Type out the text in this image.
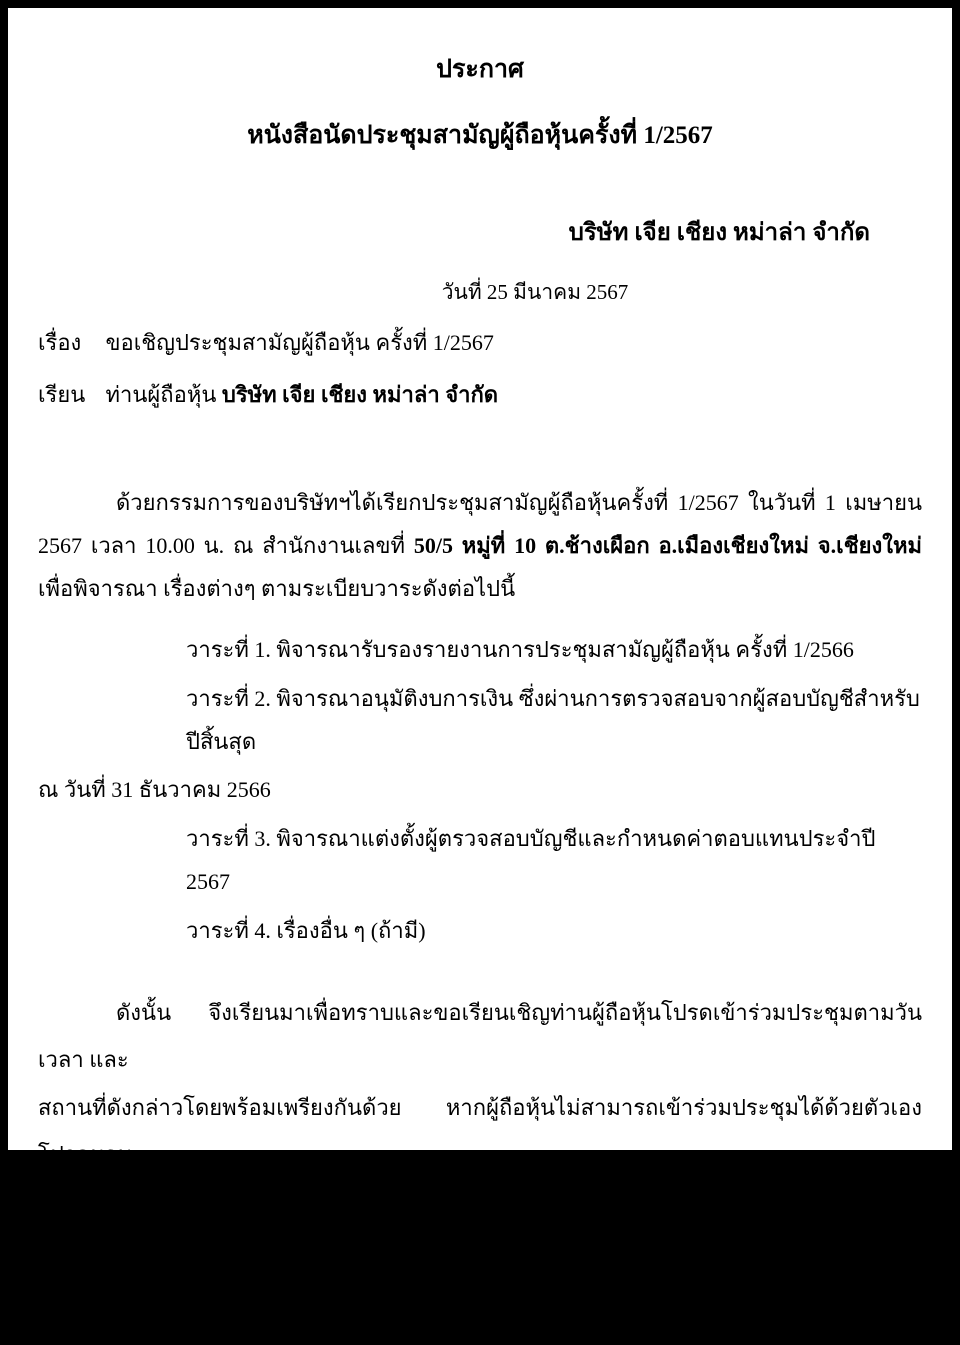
ประกาศ
หนังสือนัดประชุมสามัญผู้ถือหุ้นครั้งที่ 1/2567
บริษัท เจีย เชียง หม่าล่า จำกัด
วันที่ 25 มีนาคม 2567
เรื่อง ขอเชิญประชุมสามัญผู้ถือหุ้น ครั้งที่ 1/2567
เรียน ท่านผู้ถือหุ้น บริษัท เจีย เชียง หม่าล่า จำกัด
ด้วยกรรมการของบริษัทฯได้เรียกประชุมสามัญผู้ถือหุ้นครั้งที่ 1/2567 ในวันที่ 1 เมษายน 2567 เวลา 10.00 น. ณ สำนักงานเลขที่ 50/5 หมู่ที่ 10 ต.ช้างเผือก อ.เมืองเชียงใหม่ จ.เชียงใหม่ เพื่อพิจารณา เรื่องต่างๆ ตามระเบียบวาระดังต่อไปนี้
วาระที่ 1. พิจารณารับรองรายงานการประชุมสามัญผู้ถือหุ้น ครั้งที่ 1/2566
วาระที่ 2. พิจารณาอนุมัติงบการเงิน ซึ่งผ่านการตรวจสอบจากผู้สอบบัญชีสำหรับปีสิ้นสุด
ณ วันที่ 31 ธันวาคม 2566
วาระที่ 3. พิจารณาแต่งตั้งผู้ตรวจสอบบัญชีและกำหนดค่าตอบแทนประจำปี 2567
วาระที่ 4. เรื่องอื่น ๆ (ถ้ามี)
ดังนั้น จึงเรียนมาเพื่อทราบและขอเรียนเชิญท่านผู้ถือหุ้นโปรดเข้าร่วมประชุมตามวัน เวลา และ
สถานที่ดังกล่าวโดยพร้อมเพรียงกันด้วย หากผู้ถือหุ้นไม่สามารถเข้าร่วมประชุมได้ด้วยตัวเองโปรดมอบ
ฉันทะให้บุคคลอื่นเข้าร่วมประชุมแทน จักขอบพระคุณยิ่ง
ขอแสดงความนับถือ
( นายฉงฟู แซ่หยาง )
